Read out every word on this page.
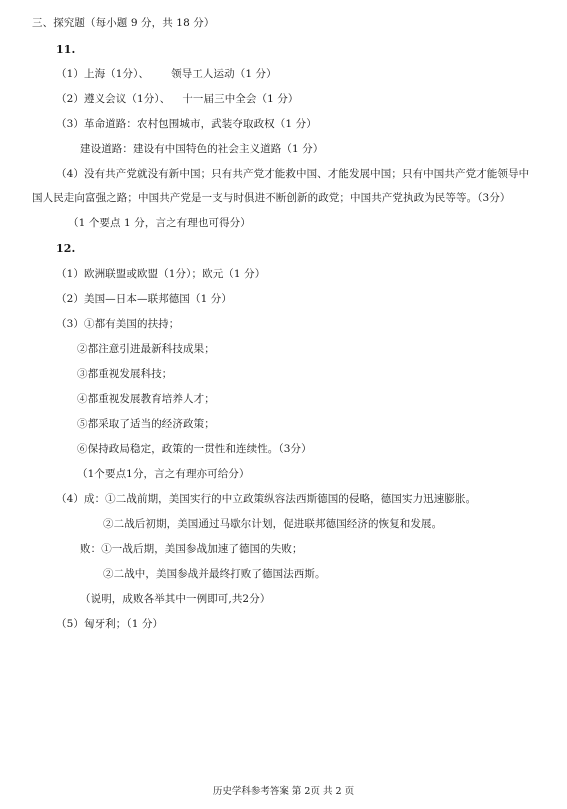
三、探究题（每小题 9 分，共 18 分）
11.
（1）上海（1分）、 领导工人运动（1 分）
（2）遵义会议（1分）、 十一届三中全会（1 分）
（3）革命道路：农村包围城市，武装夺取政权（1 分）
建设道路：建设有中国特色的社会主义道路（1 分）
（4）没有共产党就没有新中国；只有共产党才能救中国、才能发展中国；只有中国共产党才能领导中
国人民走向富强之路；中国共产党是一支与时俱进不断创新的政党；中国共产党执政为民等等。（3分）
（1 个要点 1 分，言之有理也可得分）
12.
（1）欧洲联盟或欧盟（1分）；欧元（1 分）
（2）美国—日本—联邦德国（1 分）
（3）①都有美国的扶持；
②都注意引进最新科技成果；
③都重视发展科技；
④都重视发展教育培养人才；
⑤都采取了适当的经济政策；
⑥保持政局稳定，政策的一贯性和连续性。（3分）
（1个要点1分，言之有理亦可给分）
（4）成：①二战前期，美国实行的中立政策纵容法西斯德国的侵略，德国实力迅速膨胀。
②二战后初期，美国通过马歇尔计划，促进联邦德国经济的恢复和发展。
败：①一战后期，美国参战加速了德国的失败；
②二战中，美国参战并最终打败了德国法西斯。
（说明，成败各举其中一例即可,共2分）
（5）匈牙利；（1 分）
历史学科参考答案 第 2页 共 2 页
